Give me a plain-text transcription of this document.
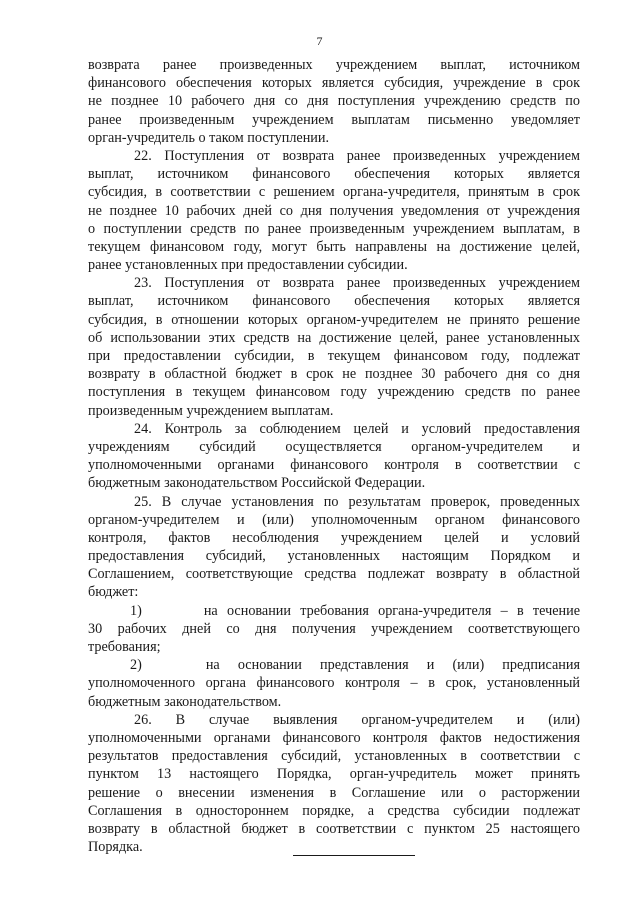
7
возврата ранее произведенных учреждением выплат, источником
финансового обеспечения которых является субсидия, учреждение в срок
не позднее 10 рабочего дня со дня поступления учреждению средств по
ранее произведенным учреждением выплатам письменно уведомляет
орган-учредитель о таком поступлении.
22. Поступления от возврата ранее произведенных учреждением
выплат, источником финансового обеспечения которых является
субсидия, в соответствии с решением органа-учредителя, принятым в срок
не позднее 10 рабочих дней со дня получения уведомления от учреждения
о поступлении средств по ранее произведенным учреждением выплатам, в
текущем финансовом году, могут быть направлены на достижение целей,
ранее установленных при предоставлении субсидии.
23. Поступления от возврата ранее произведенных учреждением
выплат, источником финансового обеспечения которых является
субсидия, в отношении которых органом-учредителем не принято решение
об использовании этих средств на достижение целей, ранее установленных
при предоставлении субсидии, в текущем финансовом году, подлежат
возврату в областной бюджет в срок не позднее 30 рабочего дня со дня
поступления в текущем финансовом году учреждению средств по ранее
произведенным учреждением выплатам.
24. Контроль за соблюдением целей и условий предоставления
учреждениям субсидий осуществляется органом-учредителем и
уполномоченными органами финансового контроля в соответствии с
бюджетным законодательством Российской Федерации.
25. В случае установления по результатам проверок, проведенных
органом-учредителем и (или) уполномоченным органом финансового
контроля, фактов несоблюдения учреждением целей и условий
предоставления субсидий, установленных настоящим Порядком и
Соглашением, соответствующие средства подлежат возврату в областной
бюджет:
1)	на основании требования органа-учредителя – в течение
30 рабочих дней со дня получения учреждением соответствующего
требования;
2)	на основании представления и (или) предписания
уполномоченного органа финансового контроля – в срок, установленный
бюджетным законодательством.
26. В случае выявления органом-учредителем и (или)
уполномоченными органами финансового контроля фактов недостижения
результатов предоставления субсидий, установленных в соответствии с
пунктом 13 настоящего Порядка, орган-учредитель может принять
решение о внесении изменения в Соглашение или о расторжении
Соглашения в одностороннем порядке, а средства субсидии подлежат
возврату в областной бюджет в соответствии с пунктом 25 настоящего
Порядка.
